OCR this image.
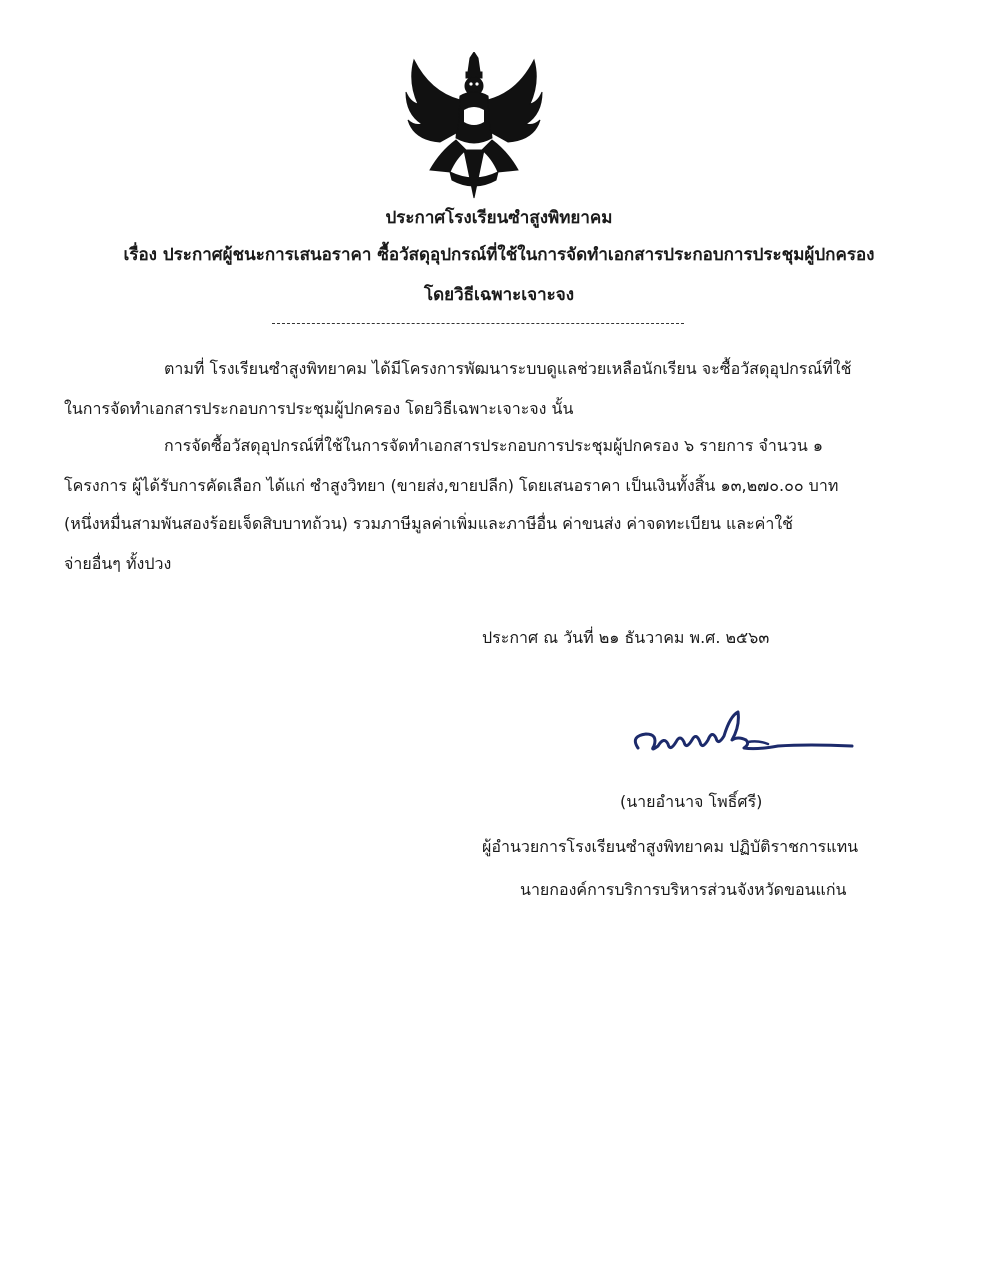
ประกาศโรงเรียนซำสูงพิทยาคม
เรื่อง ประกาศผู้ชนะการเสนอราคา ซื้อวัสดุอุปกรณ์ที่ใช้ในการจัดทำเอกสารประกอบการประชุมผู้ปกครอง
โดยวิธีเฉพาะเจาะจง
ตามที่ โรงเรียนซำสูงพิทยาคม ได้มีโครงการพัฒนาระบบดูแลช่วยเหลือนักเรียน จะซื้อวัสดุอุปกรณ์ที่ใช้
ในการจัดทำเอกสารประกอบการประชุมผู้ปกครอง โดยวิธีเฉพาะเจาะจง นั้น
การจัดซื้อวัสดุอุปกรณ์ที่ใช้ในการจัดทำเอกสารประกอบการประชุมผู้ปกครอง ๖ รายการ จำนวน ๑
โครงการ ผู้ได้รับการคัดเลือก ได้แก่ ซำสูงวิทยา (ขายส่ง,ขายปลีก) โดยเสนอราคา เป็นเงินทั้งสิ้น ๑๓,๒๗๐.๐๐ บาท
(หนึ่งหมื่นสามพันสองร้อยเจ็ดสิบบาทถ้วน) รวมภาษีมูลค่าเพิ่มและภาษีอื่น ค่าขนส่ง ค่าจดทะเบียน และค่าใช้
จ่ายอื่นๆ ทั้งปวง
ประกาศ ณ วันที่ ๒๑ ธันวาคม พ.ศ. ๒๕๖๓
(นายอำนาจ โพธิ์ศรี)
ผู้อำนวยการโรงเรียนซำสูงพิทยาคม ปฏิบัติราชการแทน
นายกองค์การบริการบริหารส่วนจังหวัดขอนแก่น
